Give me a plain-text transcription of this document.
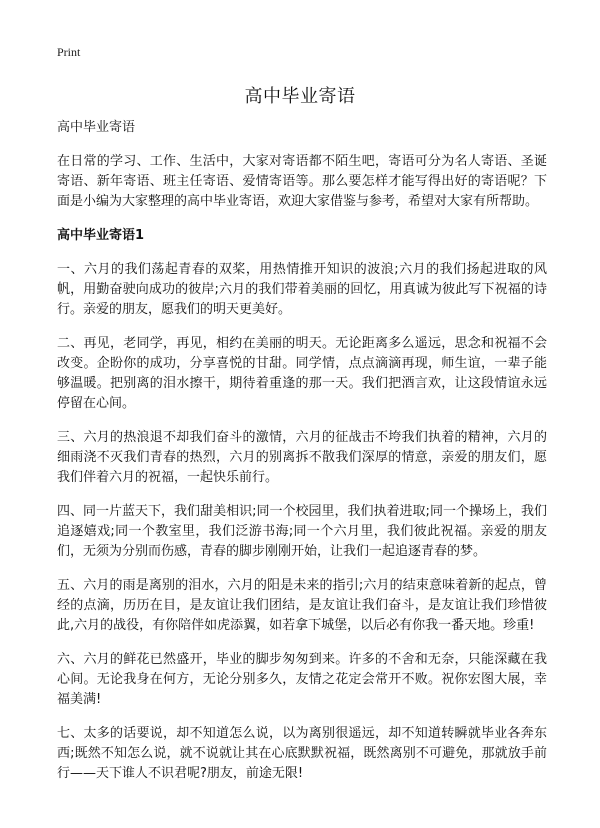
Print
高中毕业寄语

高中毕业寄语

在日常的学习、工作、生活中，大家对寄语都不陌生吧，寄语可分为名人寄语、圣诞寄语、新年寄语、班主任寄语、爱情寄语等。那么要怎样才能写得出好的寄语呢？下面是小编为大家整理的高中毕业寄语，欢迎大家借鉴与参考，希望对大家有所帮助。

高中毕业寄语1

一、六月的我们荡起青春的双桨，用热情推开知识的波浪;六月的我们扬起进取的风帆，用勤奋驶向成功的彼岸;六月的我们带着美丽的回忆，用真诚为彼此写下祝福的诗行。亲爱的朋友，愿我们的明天更美好。

二、再见，老同学，再见，相约在美丽的明天。无论距离多么遥远，思念和祝福不会改变。企盼你的成功，分享喜悦的甘甜。同学情，点点滴滴再现，师生谊，一辈子能够温暖。把别离的泪水擦干，期待着重逢的那一天。我们把酒言欢，让这段情谊永远停留在心间。

三、六月的热浪退不却我们奋斗的激情，六月的征战击不垮我们执着的精神，六月的细雨浇不灭我们青春的热烈，六月的别离拆不散我们深厚的情意，亲爱的朋友们，愿我们伴着六月的祝福，一起快乐前行。

四、同一片蓝天下，我们甜美相识;同一个校园里，我们执着进取;同一个操场上，我们追逐嬉戏;同一个教室里，我们泛游书海;同一个六月里，我们彼此祝福。亲爱的朋友们，无须为分别而伤感，青春的脚步刚刚开始，让我们一起追逐青春的梦。

五、六月的雨是离别的泪水，六月的阳是未来的指引;六月的结束意味着新的起点，曾经的点滴，历历在目，是友谊让我们团结，是友谊让我们奋斗，是友谊让我们珍惜彼此,六月的战役，有你陪伴如虎添翼，如若拿下城堡，以后必有你我一番天地。珍重!

六、六月的鲜花已然盛开，毕业的脚步匆匆到来。许多的不舍和无奈，只能深藏在我心间。无论我身在何方，无论分别多久，友情之花定会常开不败。祝你宏图大展，幸福美满!

七、太多的话要说，却不知道怎么说，以为离别很遥远，却不知道转瞬就毕业各奔东西;既然不知怎么说，就不说就让其在心底默默祝福，既然离别不可避免，那就放手前行——天下谁人不识君呢?朋友，前途无限!
